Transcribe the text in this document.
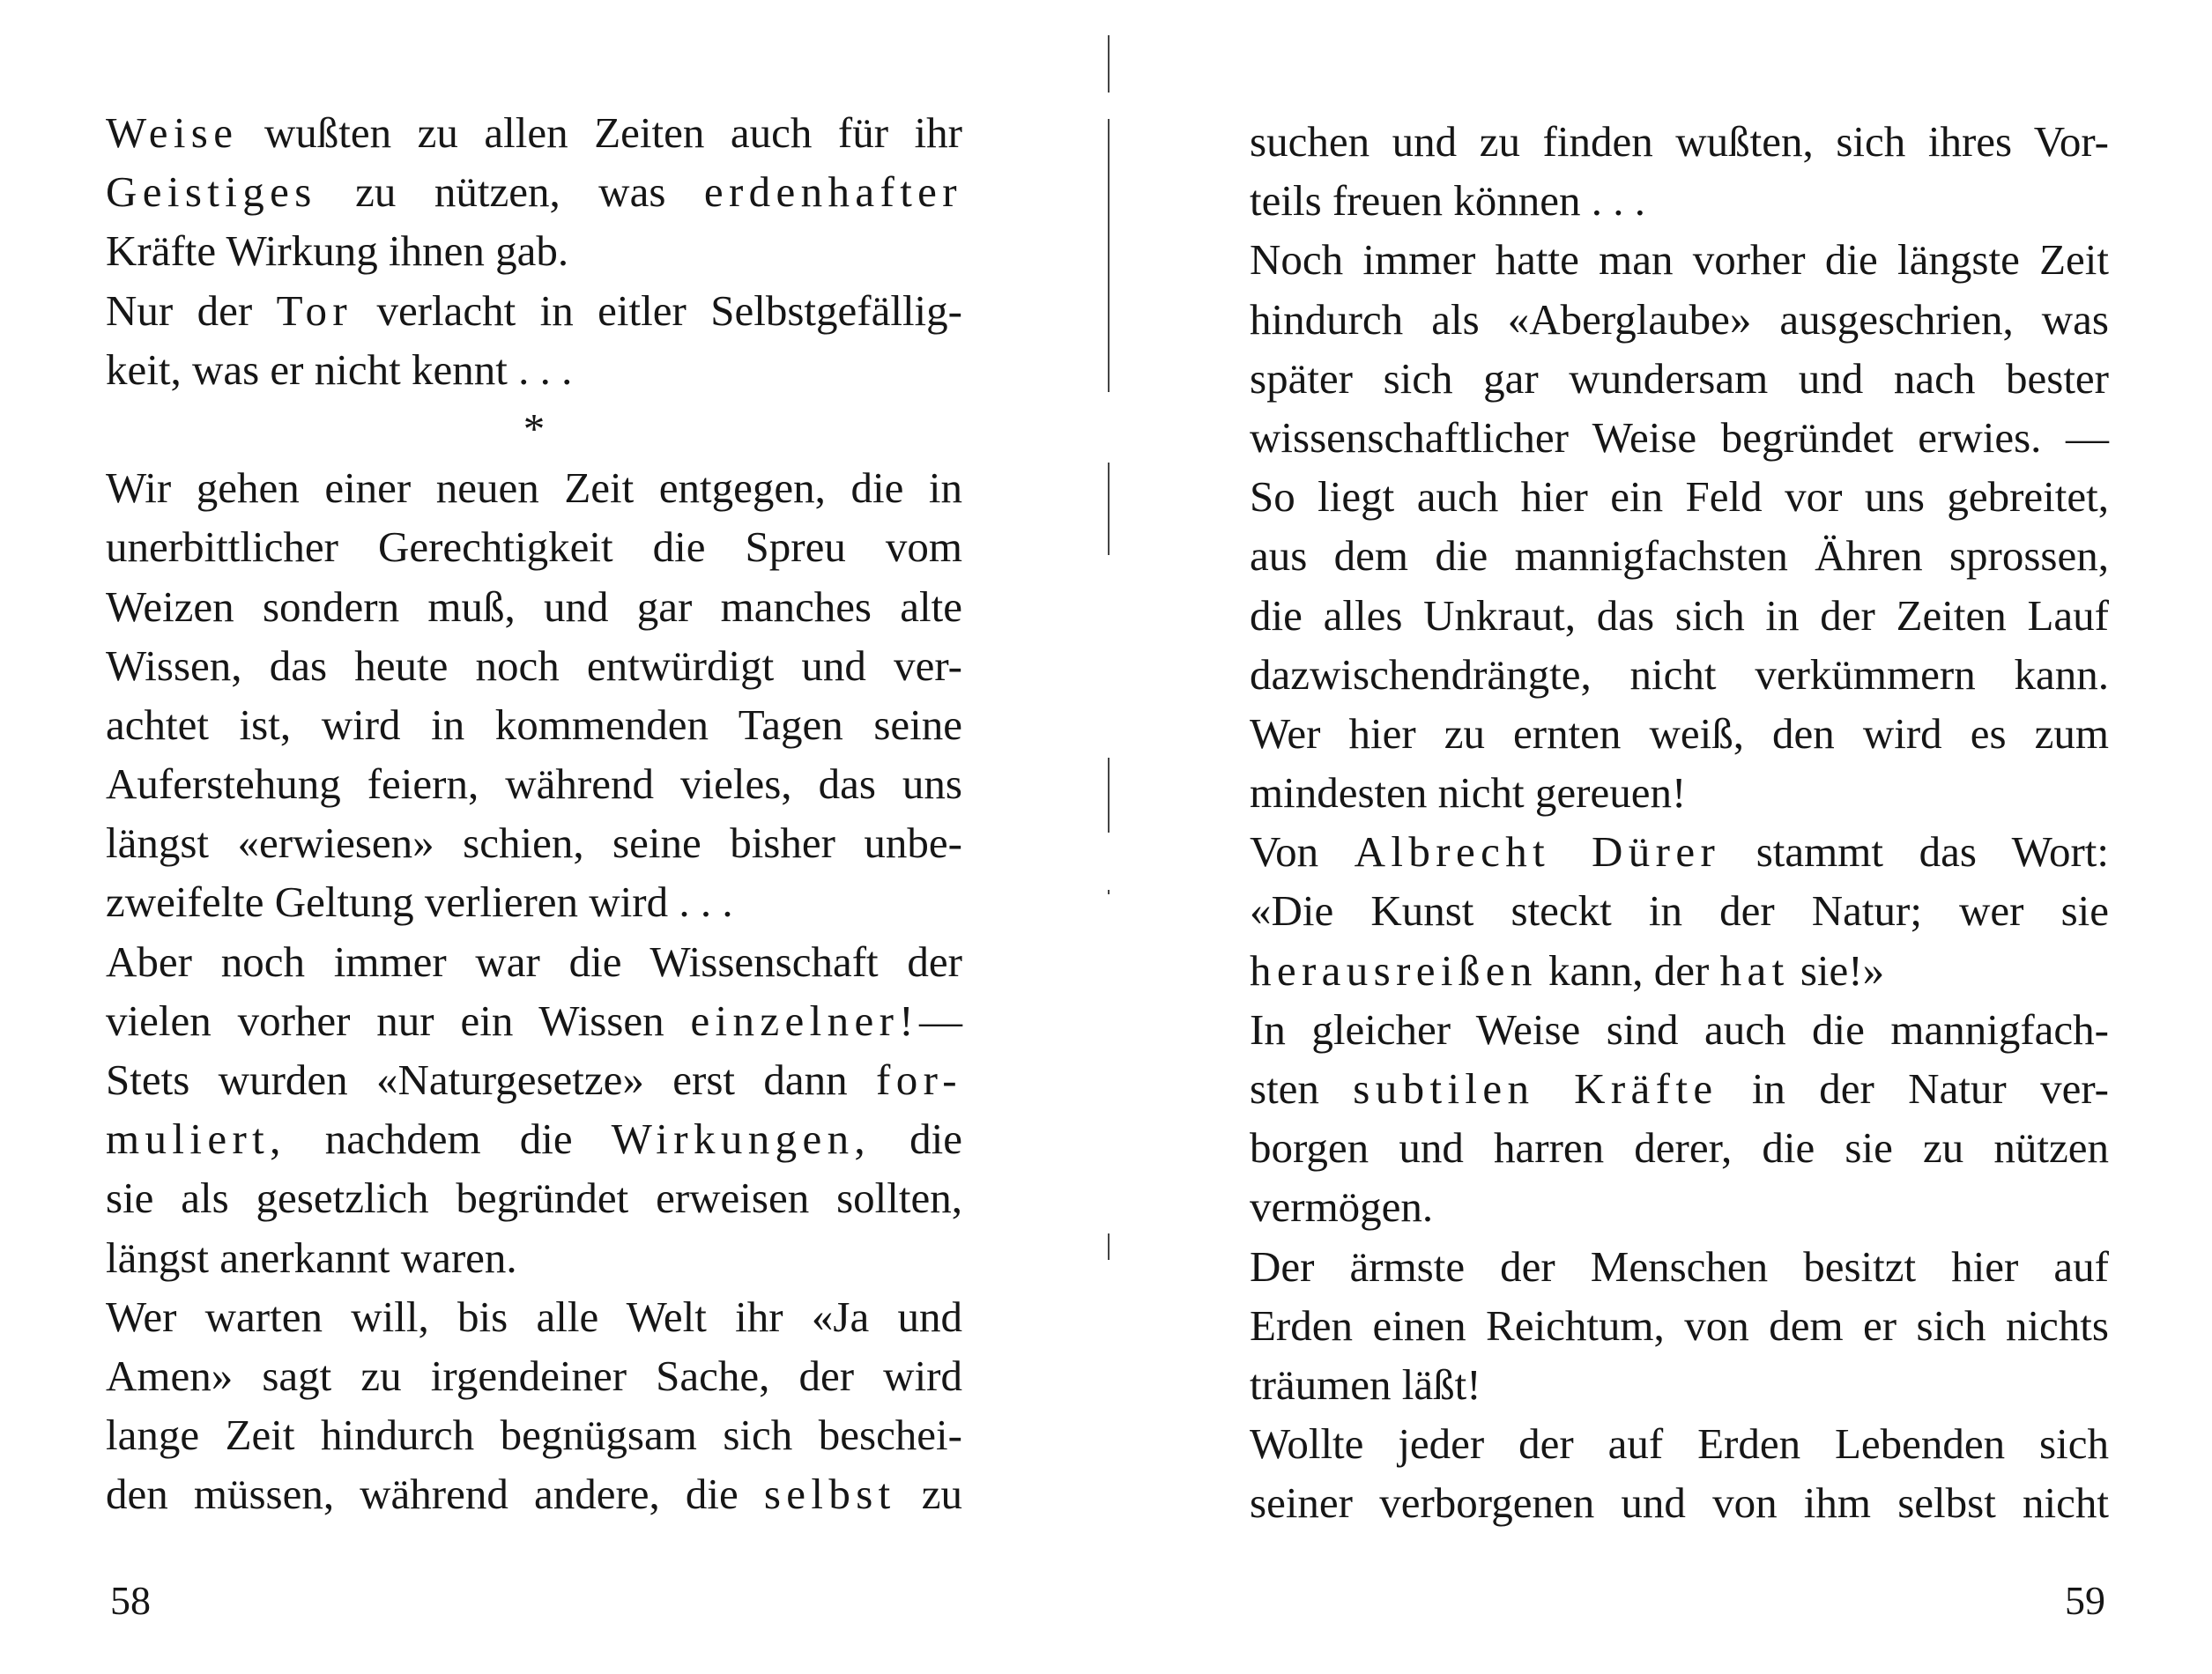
Weise wußten zu allen Zeiten auch für ihr
Geistiges zu nützen, was erdenhafter
Kräfte Wirkung ihnen gab.
Nur der Tor verlacht in eitler Selbstgefällig-
keit, was er nicht kennt . . .
*
Wir gehen einer neuen Zeit entgegen, die in
unerbittlicher Gerechtigkeit die Spreu vom
Weizen sondern muß, und gar manches alte
Wissen, das heute noch entwürdigt und ver-
achtet ist, wird in kommenden Tagen seine
Auferstehung feiern, während vieles, das uns
längst «erwiesen» schien, seine bisher unbe-
zweifelte Geltung verlieren wird . . .
Aber noch immer war die Wissenschaft der
vielen vorher nur ein Wissen einzelner!—
Stets wurden «Naturgesetze» erst dann for-
muliert, nachdem die Wirkungen, die
sie als gesetzlich begründet erweisen sollten,
längst anerkannt waren.
Wer warten will, bis alle Welt ihr «Ja und
Amen» sagt zu irgendeiner Sache, der wird
lange Zeit hindurch begnügsam sich beschei-
den müssen, während andere, die selbst zu
58
suchen und zu finden wußten, sich ihres Vor-
teils freuen können . . .
Noch immer hatte man vorher die längste Zeit
hindurch als «Aberglaube» ausgeschrien, was
später sich gar wundersam und nach bester
wissenschaftlicher Weise begründet erwies. —
So liegt auch hier ein Feld vor uns gebreitet,
aus dem die mannigfachsten Ähren sprossen,
die alles Unkraut, das sich in der Zeiten Lauf
dazwischendrängte, nicht verkümmern kann.
Wer hier zu ernten weiß, den wird es zum
mindesten nicht gereuen!
Von Albrecht Dürer stammt das Wort:
«Die Kunst steckt in der Natur; wer sie
herausreißen kann, der hat sie!»
In gleicher Weise sind auch die mannigfach-
sten subtilen Kräfte in der Natur ver-
borgen und harren derer, die sie zu nützen
vermögen.
Der ärmste der Menschen besitzt hier auf
Erden einen Reichtum, von dem er sich nichts
träumen läßt!
Wollte jeder der auf Erden Lebenden sich
seiner verborgenen und von ihm selbst nicht
59
